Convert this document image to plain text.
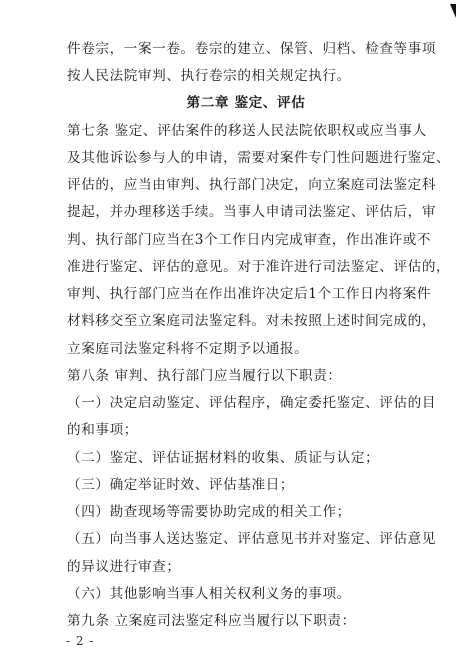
第二章 鉴定、评估
- 2 -
件卷宗，一案一卷。卷宗的建立、保管、归档、检查等事项
按人民法院审判、执行卷宗的相关规定执行。
第七条 鉴定、评估案件的移送人民法院依职权或应当事人
及其他诉讼参与人的申请，需要对案件专门性问题进行鉴定、
评估的，应当由审判、执行部门决定，向立案庭司法鉴定科
提起，并办理移送手续。当事人申请司法鉴定、评估后，审
判、执行部门应当在3个工作日内完成审查，作出准许或不
准进行鉴定、评估的意见。对于准许进行司法鉴定、评估的，
审判、执行部门应当在作出准许决定后1个工作日内将案件
材料移交至立案庭司法鉴定科。对未按照上述时间完成的，
立案庭司法鉴定科将不定期予以通报。
第八条 审判、执行部门应当履行以下职责：
（一）决定启动鉴定、评估程序，确定委托鉴定、评估的目
的和事项；
（二）鉴定、评估证据材料的收集、质证与认定；
（三）确定举证时效、评估基准日；
（四）勘查现场等需要协助完成的相关工作；
（五）向当事人送达鉴定、评估意见书并对鉴定、评估意见
的异议进行审查；
（六）其他影响当事人相关权利义务的事项。
第九条 立案庭司法鉴定科应当履行以下职责：
